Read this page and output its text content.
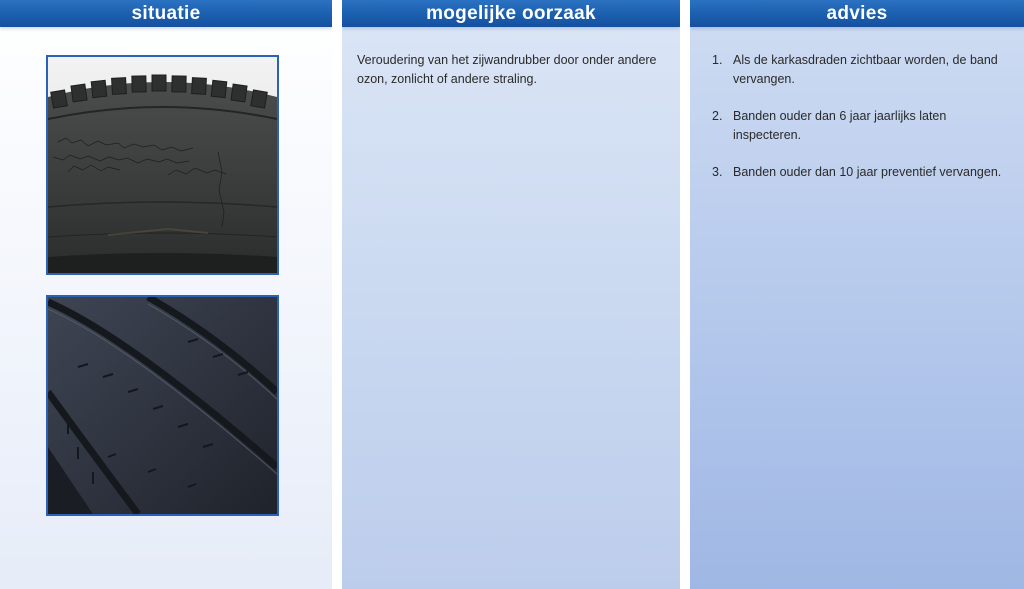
situatie	mogelijke oorzaak
Veroudering van het zijwandrubber door onder andere ozon, zonlicht of andere straling.
advies
1. Als de karkasdraden zichtbaar worden, de band vervangen.
2. Banden ouder dan 6 jaar jaarlijks laten inspecteren.
3. Banden ouder dan 10 jaar preventief vervangen.
